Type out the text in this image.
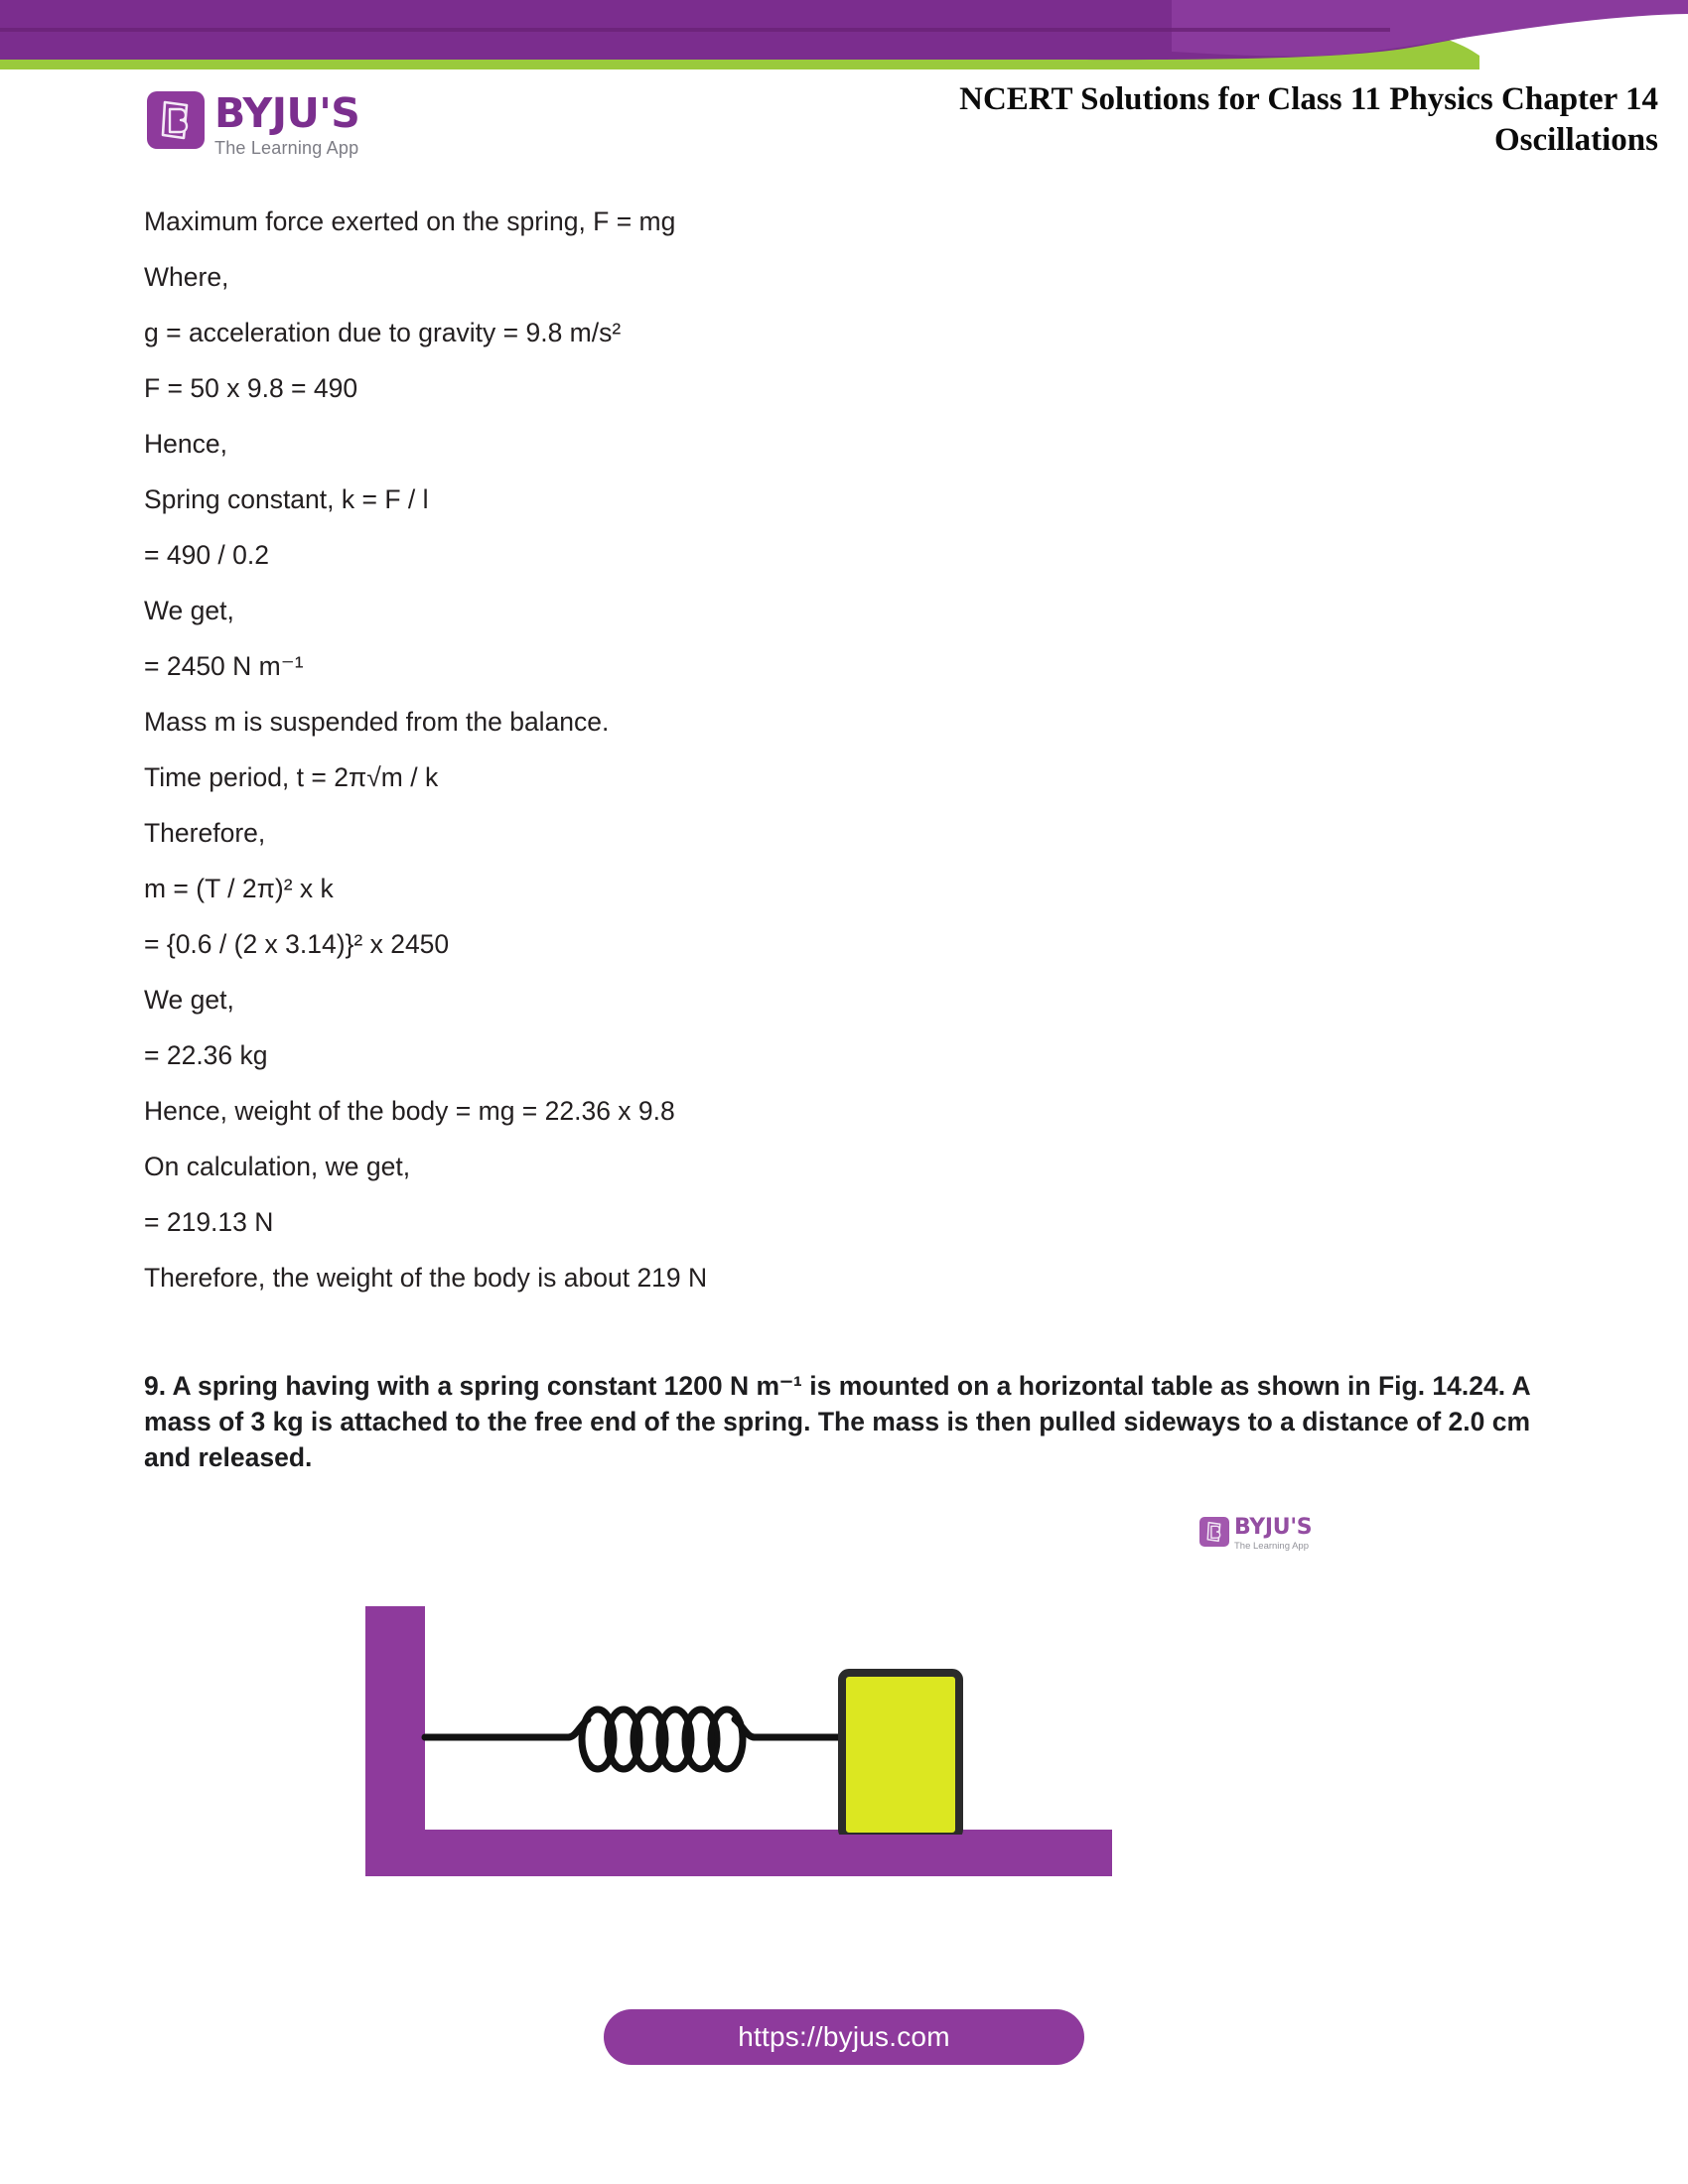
BYJU'S
The Learning App
NCERT Solutions for Class 11 Physics Chapter 14
Oscillations

Maximum force exerted on the spring, F = mg

Where,

g = acceleration due to gravity = 9.8 m/s²

F = 50 x 9.8 = 490

Hence,

Spring constant, k = F / l

= 490 / 0.2

We get,

= 2450 N m⁻¹

Mass m is suspended from the balance.

Time period, t = 2π√m / k

Therefore,

m = (T / 2π)² x k

= {0.6 / (2 x 3.14)}² x 2450

We get,

= 22.36 kg

Hence, weight of the body = mg = 22.36 x 9.8

On calculation, we get,

= 219.13 N

Therefore, the weight of the body is about 219 N

9. A spring having with a spring constant 1200 N m⁻¹ is mounted on a horizontal table as shown in Fig. 14.24. A mass of 3 kg is attached to the free end of the spring. The mass is then pulled sideways to a distance of 2.0 cm and released.
BYJU'S
The Learning App
https://byjus.com
